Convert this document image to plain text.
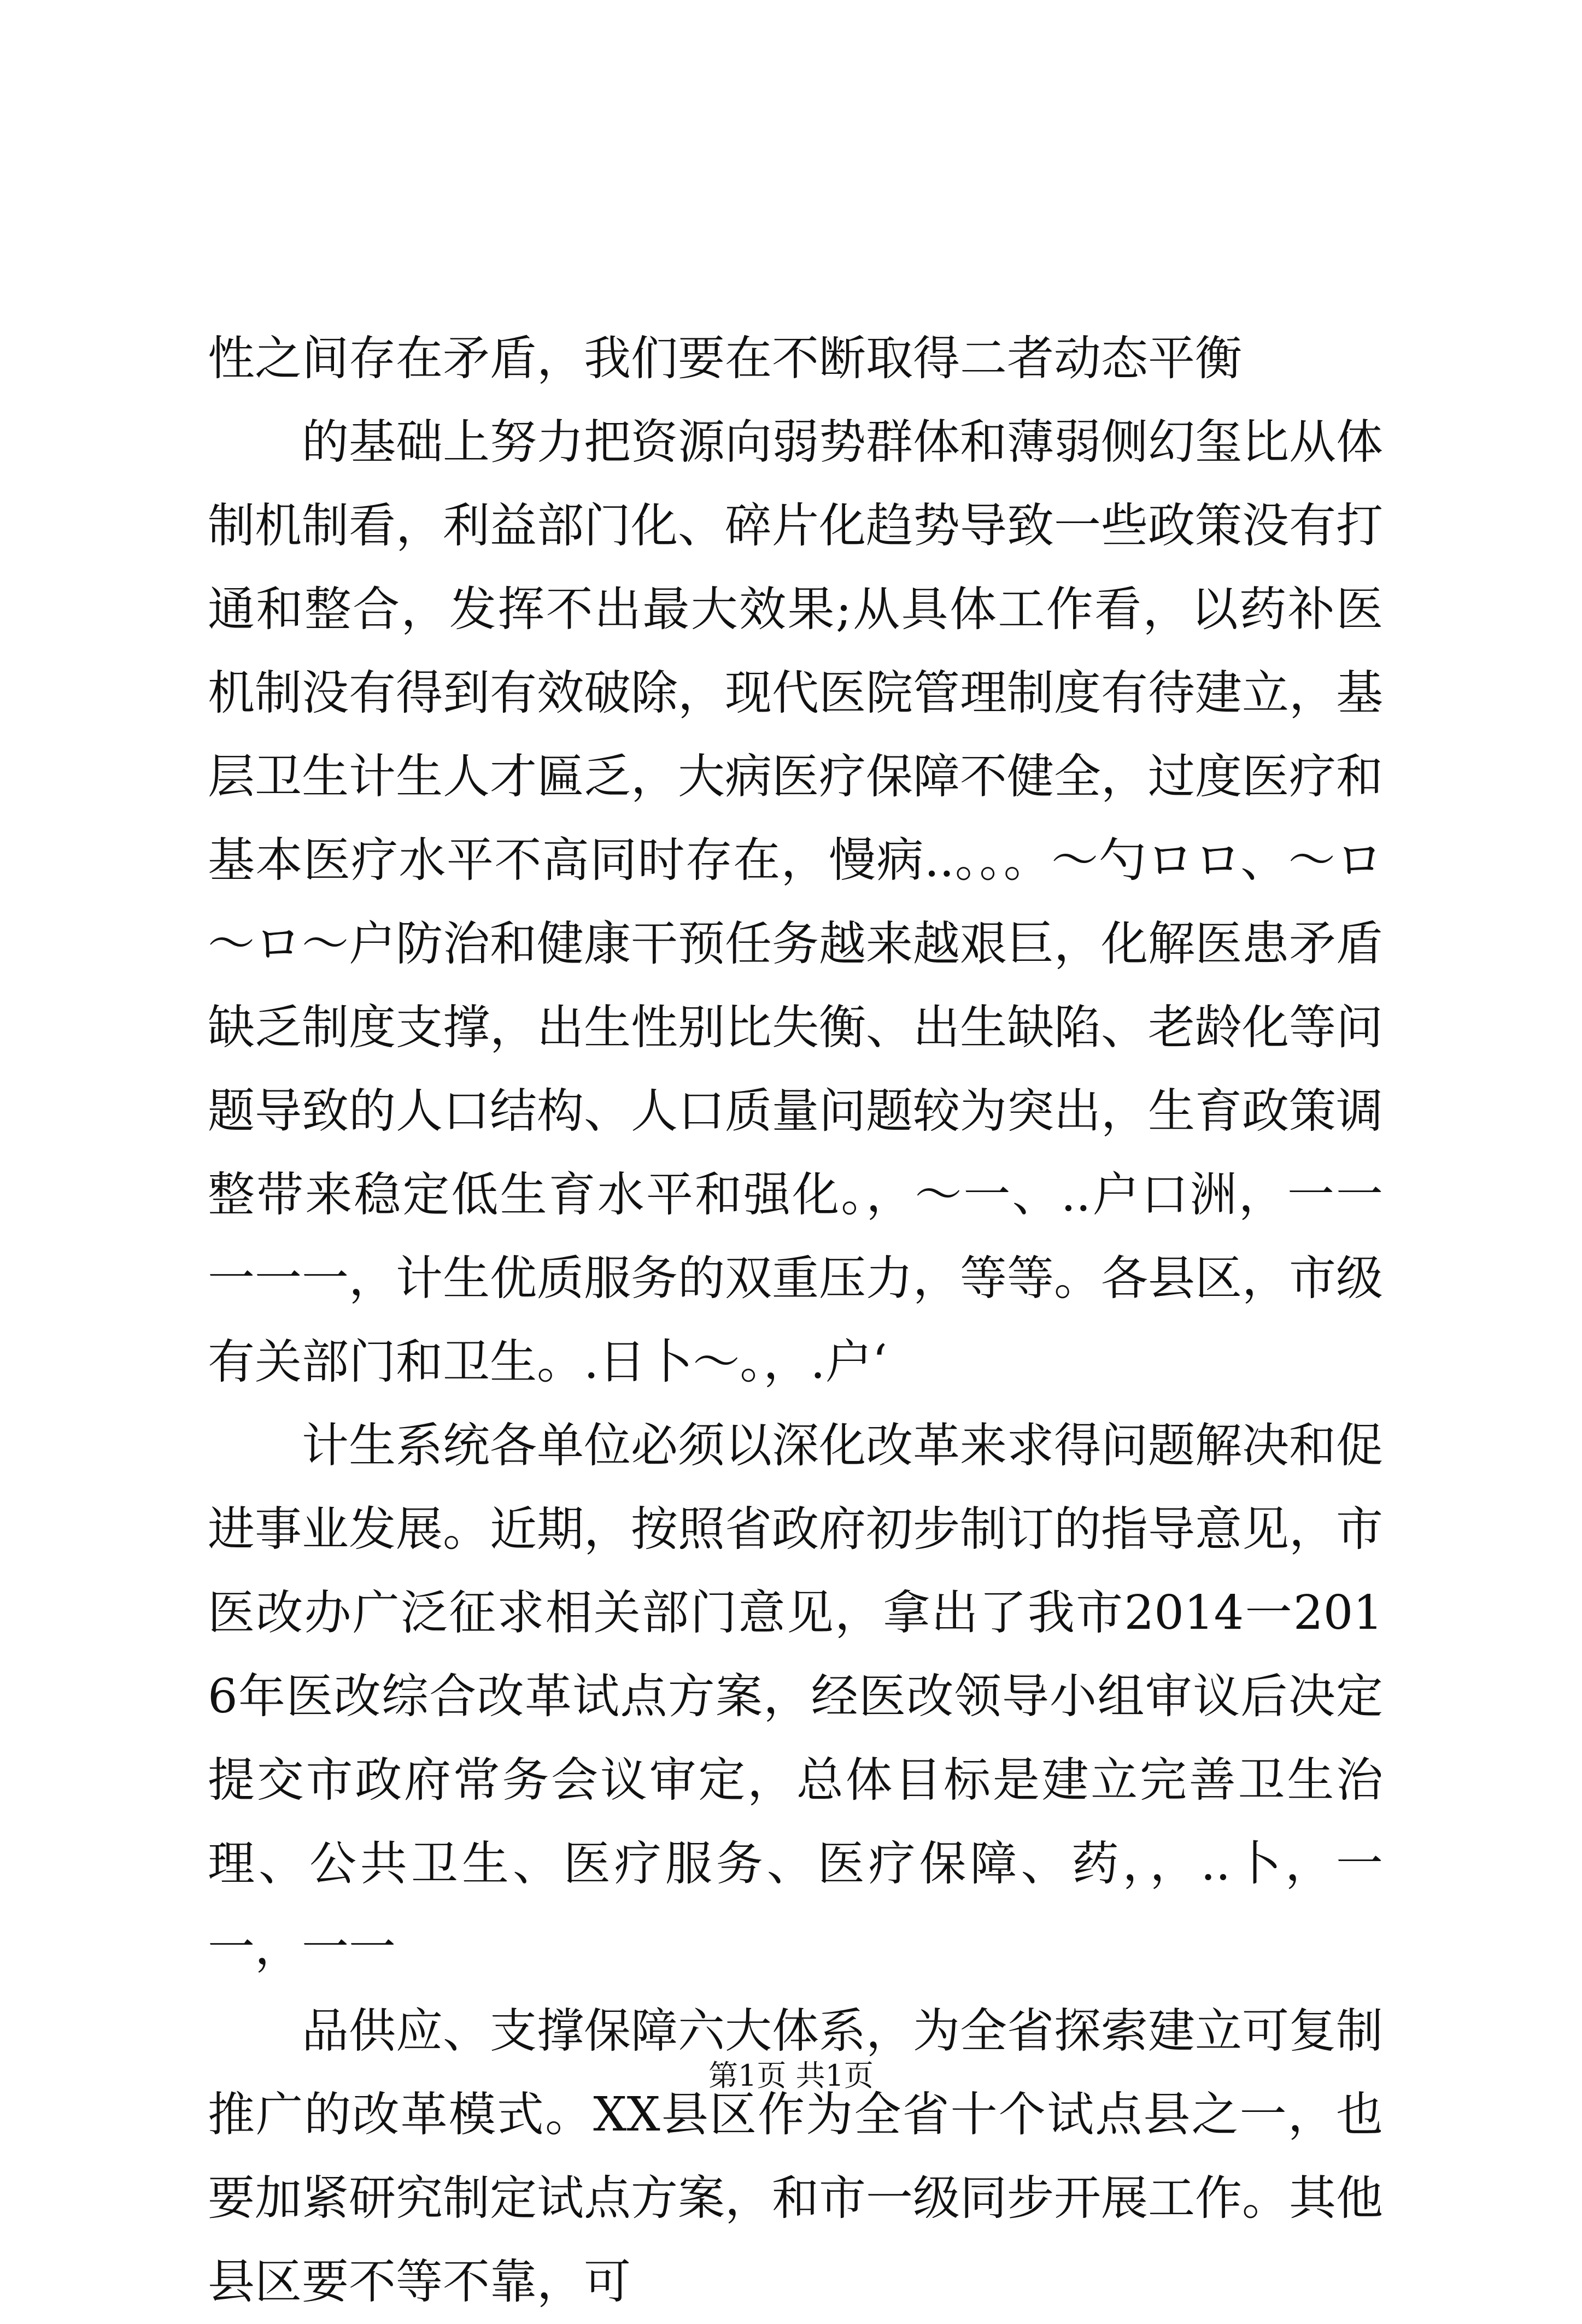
性之间存在矛盾，我们要在不断取得二者动态平衡

的基础上努力把资源向弱势群体和薄弱侧幻玺比从体制机制看，利益部门化、碎片化趋势导致一些政策没有打通和整合，发挥不出最大效果;从具体工作看，以药补医机制没有得到有效破除，现代医院管理制度有待建立，基层卫生计生人才匾乏，大病医疗保障不健全，过度医疗和基本医疗水平不高同时存在，慢病..。。。～勺ロロ、～ロ～ロ～户防治和健康干预任务越来越艰巨，化解医患矛盾缺乏制度支撑，出生性别比失衡、出生缺陷、老龄化等问题导致的人口结构、人口质量问题较为突出，生育政策调整带来稳定低生育水平和强化。，～一、..户口洲，一一一一一，计生优质服务的双重压力，等等。各县区，市级有关部门和卫生。.日卜～。，.户‘

计生系统各单位必须以深化改革来求得问题解决和促进事业发展。近期，按照省政府初步制订的指导意见，市医改办广泛征求相关部门意见，拿出了我市2014一2016年医改综合改革试点方案，经医改领导小组审议后决定提交市政府常务会议审定，总体目标是建立完善卫生治理、公共卫生、医疗服务、医疗保障、药，，..卜，一一，一一

品供应、支撑保障六大体系，为全省探索建立可复制推广的改革模式。XX县区作为全省十个试点县之一，也要加紧研究制定试点方案，和市一级同步开展工作。其他县区要不等不靠，可

第1页 共1页
